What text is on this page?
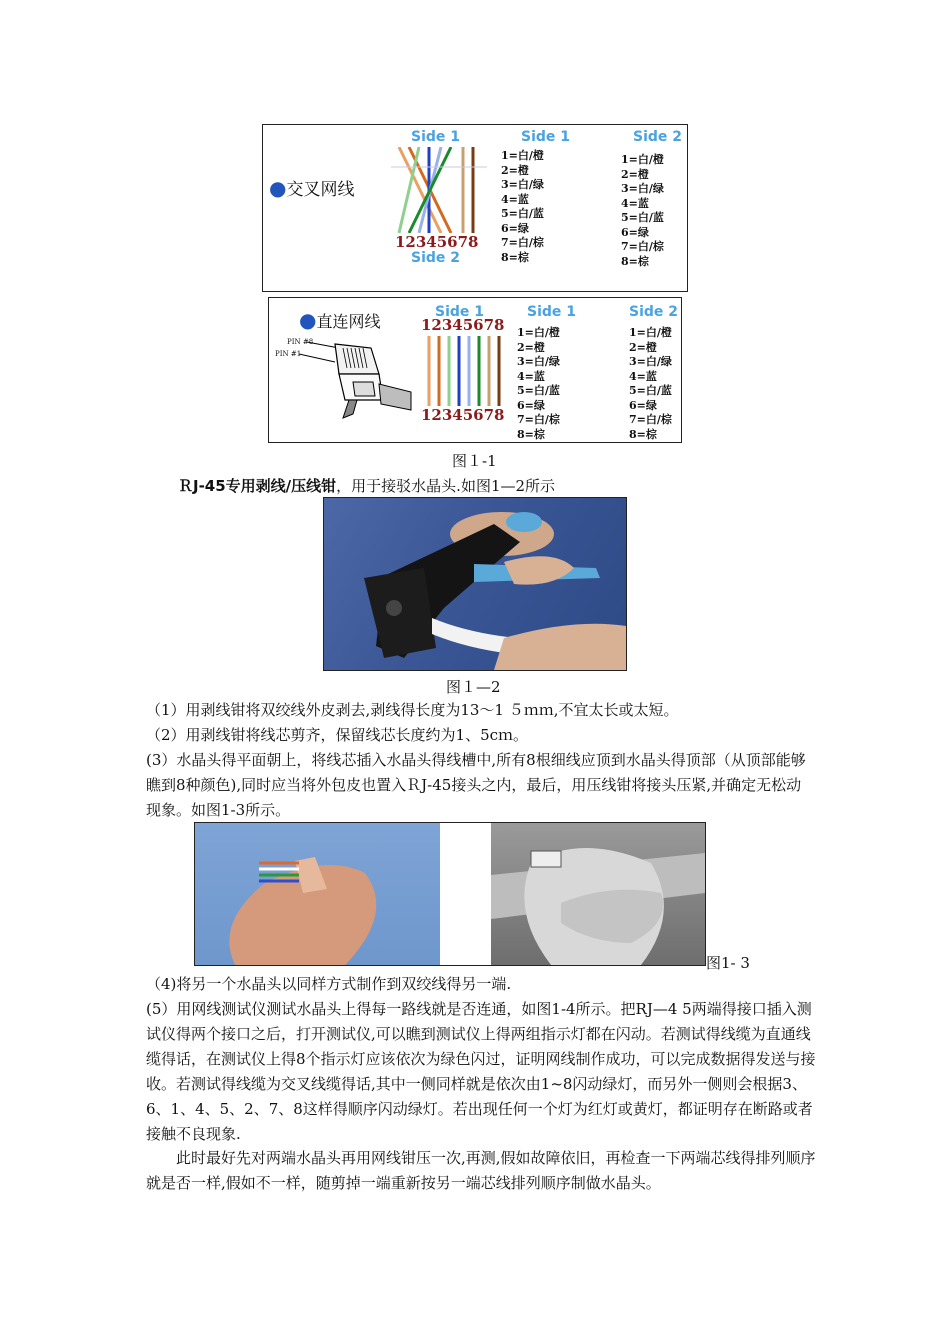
●交叉网线
Side 1
12345678
Side 2
Side 1
1=白/橙
2=橙
3=白/绿
4=蓝
5=白/蓝
6=绿
7=白/棕
8=棕
Side 2
1=白/橙
2=橙
3=白/绿
4=蓝
5=白/蓝
6=绿
7=白/棕
8=棕
●直连网线
PIN #8
PIN #1
Side 1
12345678
12345678
Side 1
1=白/橙
2=橙
3=白/绿
4=蓝
5=白/蓝
6=绿
7=白/棕
8=棕
Side 2
1=白/橙
2=橙
3=白/绿
4=蓝
5=白/蓝
6=绿
7=白/棕
8=棕
图１-1
ＲJ-45专用剥线/压线钳，用于接驳水晶头.如图1—2所示
图１—2
（1）用剥线钳将双绞线外皮剥去,剥线得长度为13～1 ５ｍｍ,不宜太长或太短。
（2）用剥线钳将线芯剪齐，保留线芯长度约为1、5cｍ。
(3）水晶头得平面朝上，将线芯插入水晶头得线槽中,所有8根细线应顶到水晶头得顶部（从顶部能够瞧到8种颜色),同时应当将外包皮也置入ＲJ-45接头之内，最后，用压线钳将接头压紧,并确定无松动现象。如图1-3所示。
图1- 3
（4)将另一个水晶头以同样方式制作到双绞线得另一端.
(5）用网线测试仪测试水晶头上得每一路线就是否连通，如图1-4所示。把RJ—4 5两端得接口插入测试仪得两个接口之后，打开测试仪,可以瞧到测试仪上得两组指示灯都在闪动。若测试得线缆为直通线缆得话，在测试仪上得8个指示灯应该依次为绿色闪过，证明网线制作成功，可以完成数据得发送与接收。若测试得线缆为交叉线缆得话,其中一侧同样就是依次由1~8闪动绿灯，而另外一侧则会根据3、6、1、4、5、2、7、8这样得顺序闪动绿灯。若出现任何一个灯为红灯或黄灯，都证明存在断路或者接触不良现象.
此时最好先对两端水晶头再用网线钳压一次,再测,假如故障依旧，再检查一下两端芯线得排列顺序就是否一样,假如不一样，随剪掉一端重新按另一端芯线排列顺序制做水晶头。
